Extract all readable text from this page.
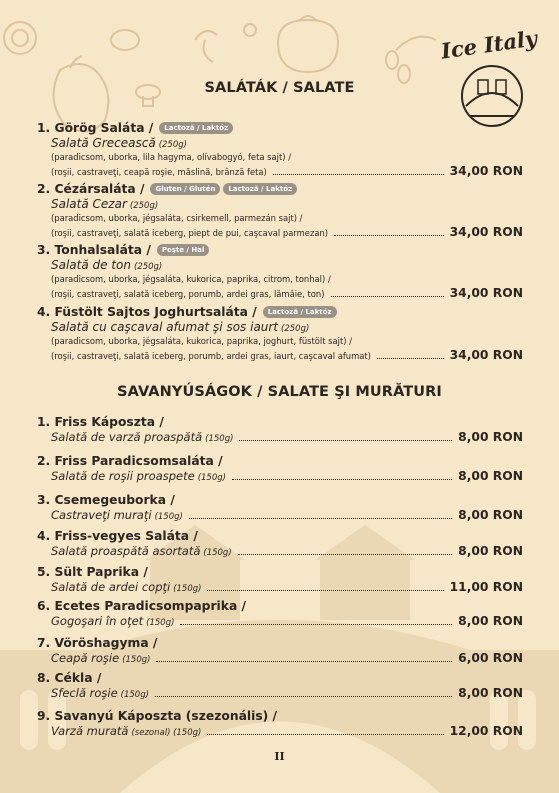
Ice Italy
SALÁTÁK / SALATE
1. Görög Saláta /	Lactoză / Laktóz
Salată Grecească (250g)
(paradicsom, uborka, lila hagyma, olívabogyó, feta sajt) /
(roşii, castraveţi, ceapă roşie, măslină, brânză feta)	34,00 RON
2. Cézársaláta /	Gluten / Glutén	Lactoză / Laktóz
Salată Cezar (250g)
(paradicsom, uborka, jégsaláta, csirkemell, parmezán sajt) /
(roşii, castraveţi, salată iceberg, piept de pui, caşcaval parmezan)	34,00 RON
3. Tonhalsaláta /	Peşte / Hal
Salată de ton (250g)
(paradicsom, uborka, jégsaláta, kukorica, paprika, citrom, tonhal) /
(roşii, castraveţi, salată iceberg, porumb, ardei gras, lămâie, ton)	34,00 RON
4. Füstölt Sajtos Joghurtsaláta /	Lactoză / Laktóz
Salată cu caşcaval afumat şi sos iaurt (250g)
(paradicsom, uborka, jégsaláta, kukorica, paprika, joghurt, füstölt sajt) /
(roşii, castraveţi, salată iceberg, porumb, ardei gras, iaurt, caşcaval afumat)	34,00 RON
SAVANYÚSÁGOK / SALATE ŞI MURĂTURI
1. Friss Káposzta /
Salată de varză proaspătă (150g)	8,00 RON
2. Friss Paradicsomsaláta /
Salată de roşii proaspete (150g)	8,00 RON
3. Csemegeuborka /
Castraveţi muraţi (150g)	8,00 RON
4. Friss-vegyes Saláta /
Salată proaspătă asortată (150g)	8,00 RON
5. Sült Paprika /
Salată de ardei copţi (150g)	11,00 RON
6. Ecetes Paradicsompaprika /
Gogoşari în oţet (150g)	8,00 RON
7. Vöröshagyma /
Ceapă roşie (150g)	6,00 RON
8. Cékla /
Sfeclă roşie (150g)	8,00 RON
9. Savanyú Káposzta (szezonális) /
Varză murată (sezonal) (150g)	12,00 RON
II
